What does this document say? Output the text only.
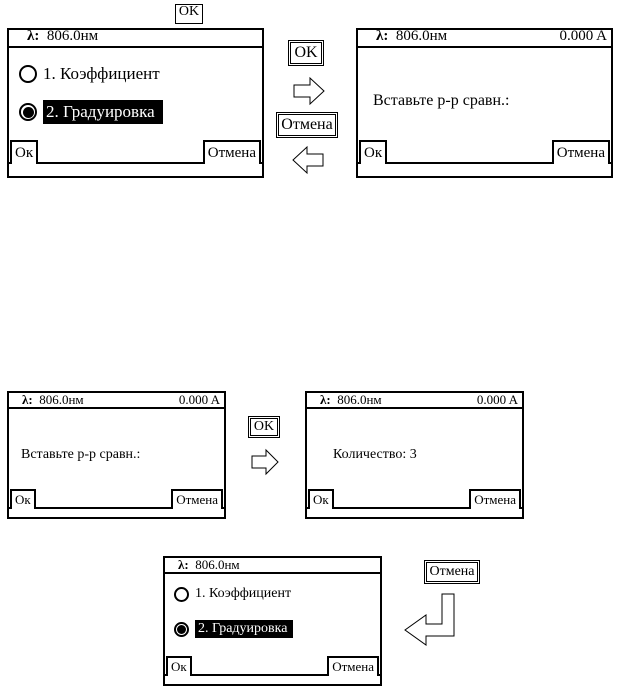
OK
λ: 806.0нм
1. Коэффициент
2. Градуировка
Ок	Отмена
OK
Отмена
λ: 806.0нм	0.000 A
Вставьте р-р сравн.:
Ок	Отмена
λ: 806.0нм	0.000 A
Вставьте р-р сравн.:
Ок	Отмена
OK
λ: 806.0нм	0.000 A
Количество: 3
Ок	Отмена
λ: 806.0нм
1. Коэффициент
2. Градуировка
Ок	Отмена
Отмена
